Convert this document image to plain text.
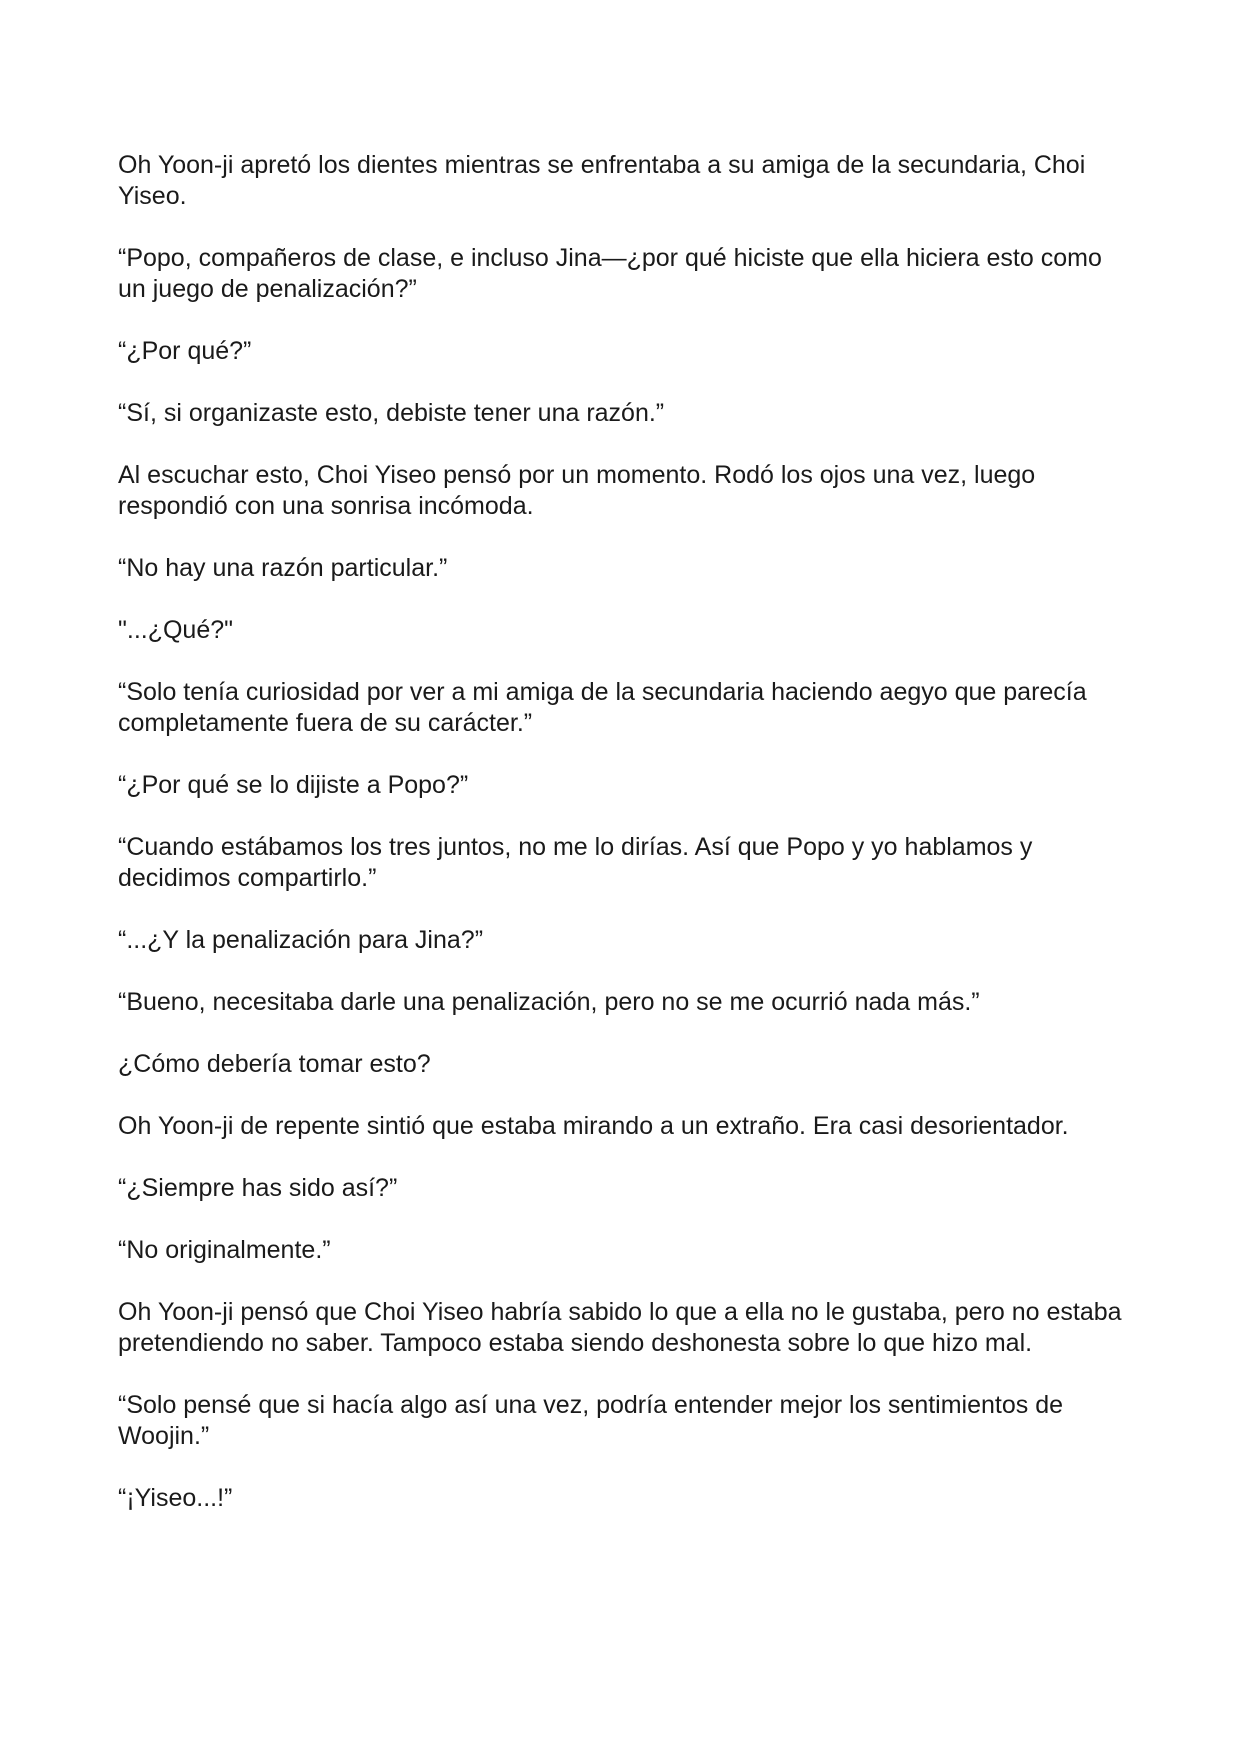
Oh Yoon-ji apretó los dientes mientras se enfrentaba a su amiga de la secundaria, Choi Yiseo.

“Popo, compañeros de clase, e incluso Jina—¿por qué hiciste que ella hiciera esto como un juego de penalización?”

“¿Por qué?”

“Sí, si organizaste esto, debiste tener una razón.”

Al escuchar esto, Choi Yiseo pensó por un momento. Rodó los ojos una vez, luego respondió con una sonrisa incómoda.

“No hay una razón particular.”

"...¿Qué?"

“Solo tenía curiosidad por ver a mi amiga de la secundaria haciendo aegyo que parecía completamente fuera de su carácter.”

“¿Por qué se lo dijiste a Popo?”

“Cuando estábamos los tres juntos, no me lo dirías. Así que Popo y yo hablamos y decidimos compartirlo.”

“...¿Y la penalización para Jina?”

“Bueno, necesitaba darle una penalización, pero no se me ocurrió nada más.”

¿Cómo debería tomar esto?

Oh Yoon-ji de repente sintió que estaba mirando a un extraño. Era casi desorientador.

“¿Siempre has sido así?”

“No originalmente.”

Oh Yoon-ji pensó que Choi Yiseo habría sabido lo que a ella no le gustaba, pero no estaba pretendiendo no saber. Tampoco estaba siendo deshonesta sobre lo que hizo mal.

“Solo pensé que si hacía algo así una vez, podría entender mejor los sentimientos de Woojin.”

“¡Yiseo...!”
